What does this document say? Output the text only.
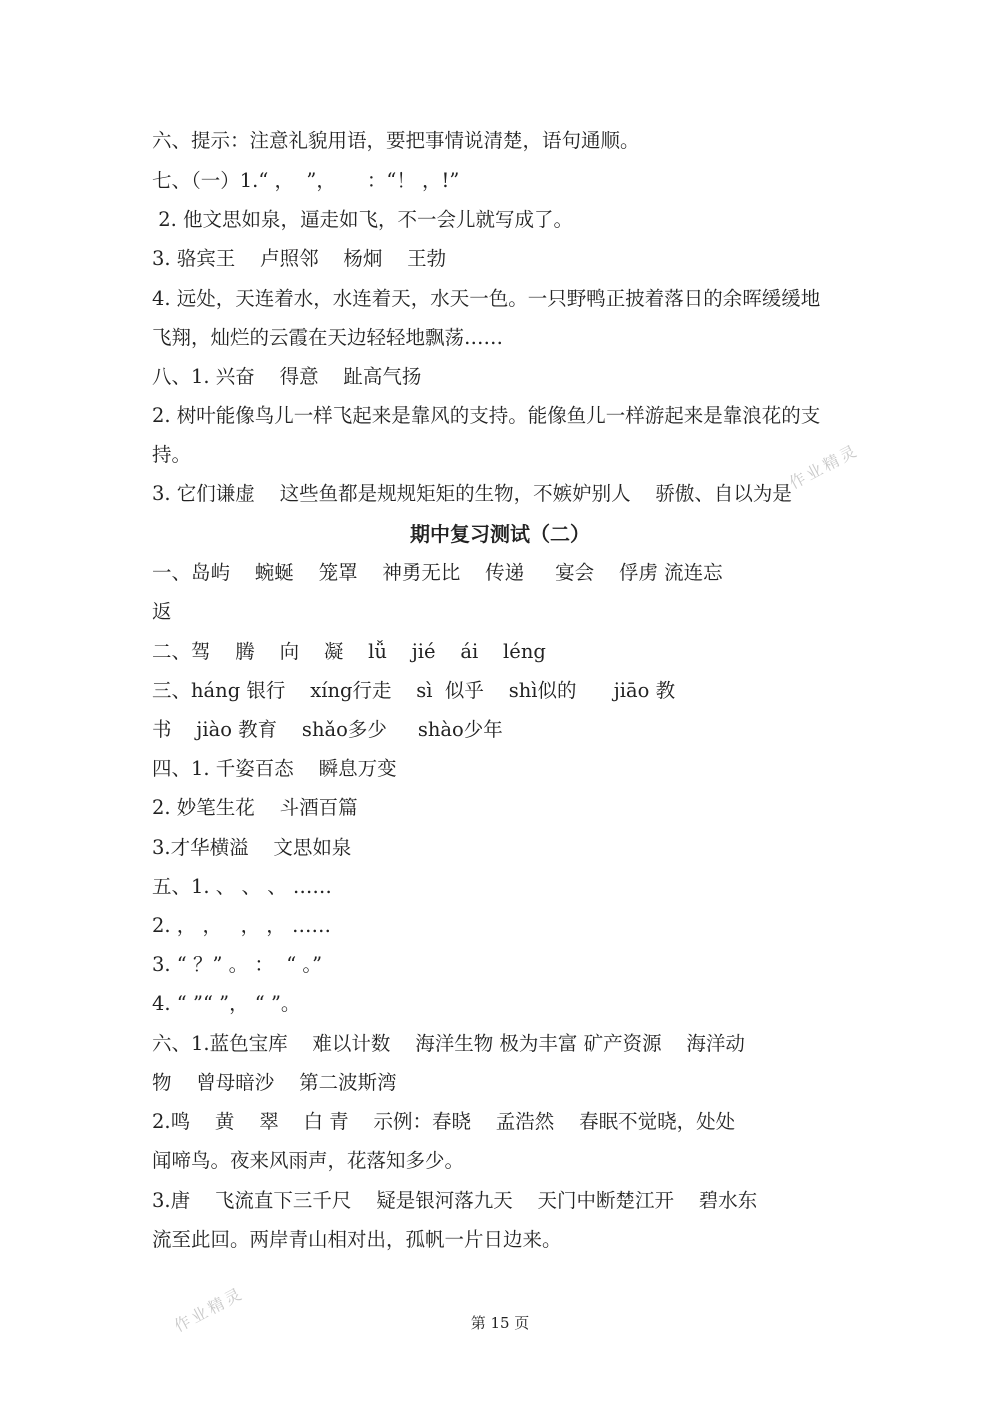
六、提示：注意礼貌用语，要把事情说清楚，语句通顺。
七、（一）1.“ ，  ”，     ：“！ ，!”
2. 他文思如泉，逼走如飞，不一会儿就写成了。
3. 骆宾王    卢照邻    杨炯    王勃
4. 远处，天连着水，水连着天，水天一色。一只野鸭正披着落日的余晖缓缓地
飞翔，灿烂的云霞在天边轻轻地飘荡……
八、1. 兴奋    得意    趾高气扬
2. 树叶能像鸟儿一样飞起来是靠风的支持。能像鱼儿一样游起来是靠浪花的支
持。
3. 它们谦虚    这些鱼都是规规矩矩的生物，不嫉妒别人    骄傲、自以为是
期中复习测试（二）
一、岛屿    蜿蜒    笼罩    神勇无比    传递     宴会    俘虏 流连忘
返
二、驾    腾    向    凝    lǚ    jié    ái    léng
三、háng 银行    xíng行走    sì  似乎    shì似的      jiāo 教
书    jiào 教育    shǎo多少     shào少年
四、1. 千姿百态    瞬息万变
2. 妙笔生花    斗酒百篇
3.才华横溢    文思如泉
五、1. 、 、 、 ……
2. ， ，   ， ， ……
3. “ ？” 。 ：  “ 。”
4. “ ”“ ”， “ ”。
六、1.蓝色宝库    难以计数    海洋生物 极为丰富 矿产资源    海洋动
物    曾母暗沙    第二波斯湾
2.鸣    黄    翠    白 青    示例：春晓    孟浩然    春眠不觉晓，处处
闻啼鸟。夜来风雨声，花落知多少。
3.唐    飞流直下三千尺    疑是银河落九天    天门中断楚江开    碧水东
流至此回。两岸青山相对出，孤帆一片日边来。
第 15 页
作业精灵
作业精灵
